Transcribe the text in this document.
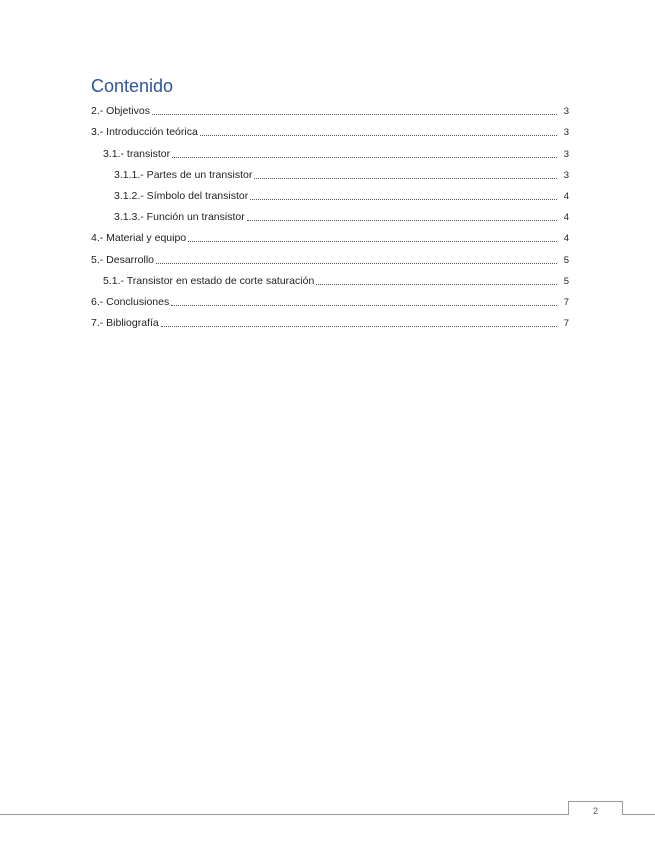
Contenido
2.- Objetivos	3
3.- Introducción teórica	3
3.1.- transistor	3
3.1.1.- Partes de un transistor	3
3.1.2.- Símbolo del transistor	4
3.1.3.- Función un transistor	4
4.- Material y equipo	4
5.- Desarrollo	5
5.1.- Transistor en estado de corte saturación	5
6.- Conclusiones	7
7.- Bibliografía	7
2
